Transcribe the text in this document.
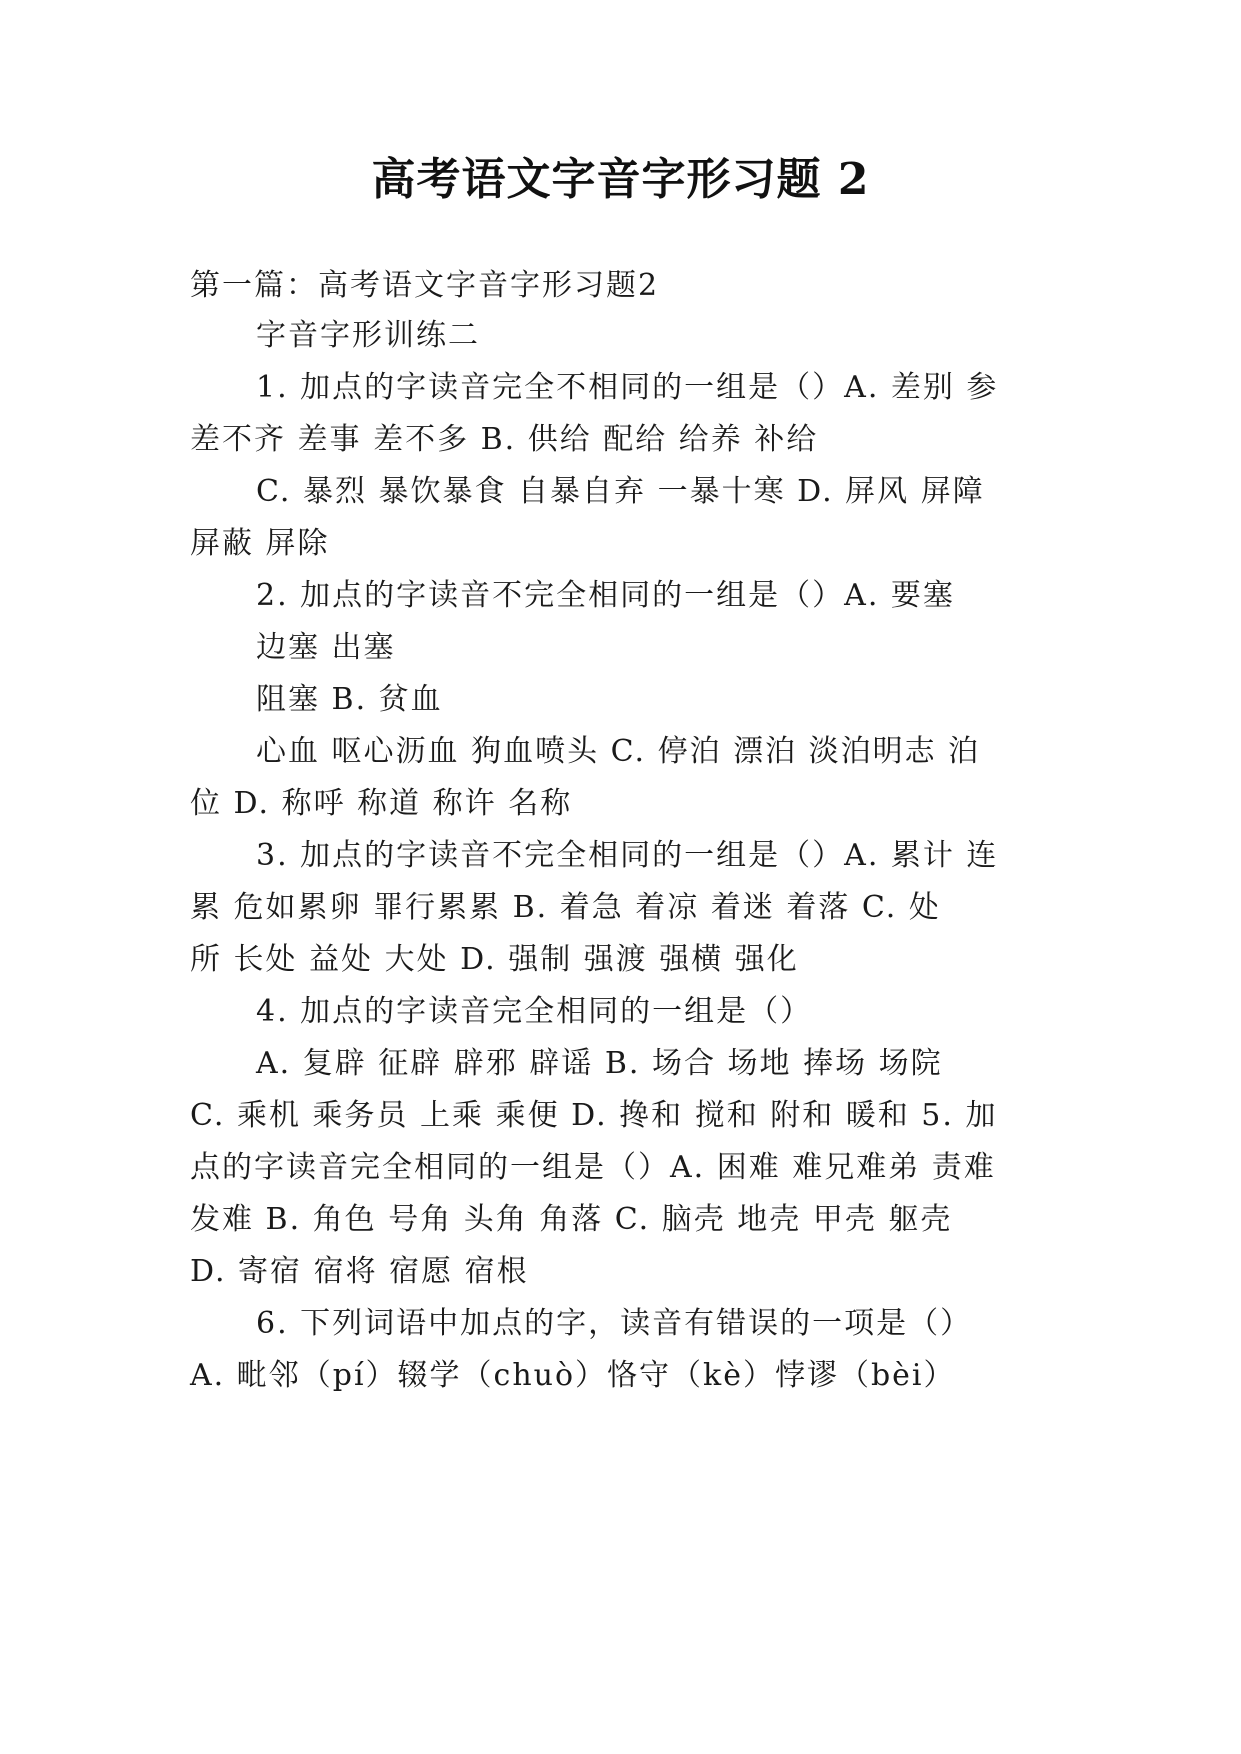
高考语文字音字形习题 2

第一篇：高考语文字音字形习题2

字音字形训练二

1. 加点的字读音完全不相同的一组是（）A. 差别 参

差不齐 差事 差不多 B. 供给 配给 给养 补给

C. 暴烈 暴饮暴食 自暴自弃 一暴十寒 D. 屏风 屏障

屏蔽 屏除

2. 加点的字读音不完全相同的一组是（）A. 要塞

边塞 出塞

阻塞 B. 贫血

心血 呕心沥血 狗血喷头 C. 停泊 漂泊 淡泊明志 泊

位 D. 称呼 称道 称许 名称

3. 加点的字读音不完全相同的一组是（）A. 累计 连

累 危如累卵 罪行累累 B. 着急 着凉 着迷 着落 C. 处

所 长处 益处 大处 D. 强制 强渡 强横 强化

4. 加点的字读音完全相同的一组是（）

A. 复辟 征辟 辟邪 辟谣 B. 场合 场地 捧场 场院

C. 乘机 乘务员 上乘 乘便 D. 搀和 搅和 附和 暖和 5. 加

点的字读音完全相同的一组是（）A. 困难 难兄难弟 责难

发难 B. 角色 号角 头角 角落 C. 脑壳 地壳 甲壳 躯壳

D. 寄宿 宿将 宿愿 宿根

6. 下列词语中加点的字，读音有错误的一项是（）

A. 毗邻（pí）辍学（chuò）恪守（kè）悖谬（bèi）
